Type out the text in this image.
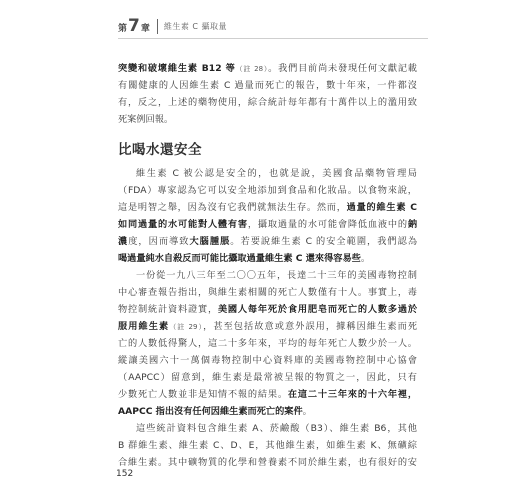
第 7 章 維生素 C 攝取量
突變和破壞維生素 B12 等（註 28）。我們目前尚未發現任何文獻記載
有關健康的人因維生素 C 過量而死亡的報告，數十年來，一件都沒
有，反之，上述的藥物使用，綜合統計每年都有十萬件以上的濫用致
死案例回報。
比喝水還安全
維生素 C 被公認是安全的，也就是說，美國食品藥物管理局
（FDA）專家認為它可以安全地添加到食品和化妝品。以食物來說，
這是明智之舉，因為沒有它我們就無法生存。然而，過量的維生素 C
如同過量的水可能對人體有害，攝取過量的水可能會降低血液中的鈉
濃度，因而導致大腦腫脹。若要說維生素 C 的安全範圍，我們認為
喝過量純水自殺反而可能比攝取過量維生素 C 還來得容易些。
一份從一九八三年至二〇〇五年，長達二十三年的美國毒物控制
中心審查報告指出，與維生素相關的死亡人數僅有十人。事實上，毒
物控制統計資料證實，美國人每年死於食用肥皂而死亡的人數多過於
服用維生素（註 29），甚至包括故意或意外誤用，據稱因維生素而死
亡的人數低得驚人，這二十多年來，平均的每年死亡人數少於一人。
縱讓美國六十一萬個毒物控制中心資料庫的美國毒物控制中心協會
（AAPCC）留意到，維生素是最常被呈報的物質之一，因此，只有
少數死亡人數並非是知情不報的結果。在這二十三年來的十六年裡，
AAPCC 指出沒有任何因維生素而死亡的案件。
這些統計資料包含維生素 A、菸鹼酸（B3）、維生素 B6，其他
B 群維生素、維生素 C、D、E，其他維生素，如維生素 K、無礦綜
合維生素。其中礦物質的化學和營養素不同於維生素，也有很好的安
152
